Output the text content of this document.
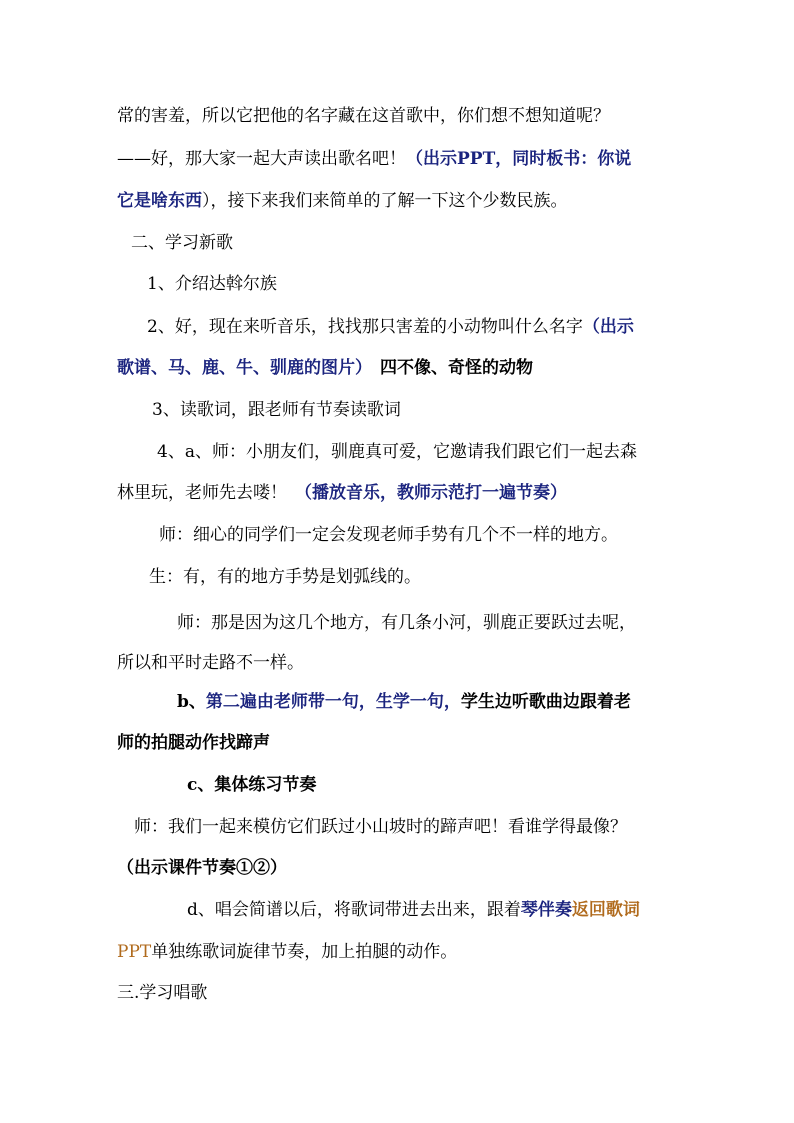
常的害羞，所以它把他的名字藏在这首歌中，你们想不想知道呢？
——好，那大家一起大声读出歌名吧！（出示PPT，同时板书：你说
它是啥东西），接下来我们来简单的了解一下这个少数民族。
二、学习新歌
1、介绍达斡尔族
2、好，现在来听音乐，找找那只害羞的小动物叫什么名字（出示
歌谱、马、鹿、牛、驯鹿的图片） 四不像、奇怪的动物
3、读歌词，跟老师有节奏读歌词
4、a、师：小朋友们，驯鹿真可爱，它邀请我们跟它们一起去森
林里玩，老师先去喽！ （播放音乐，教师示范打一遍节奏）
师：细心的同学们一定会发现老师手势有几个不一样的地方。
生：有，有的地方手势是划弧线的。
师：那是因为这几个地方，有几条小河，驯鹿正要跃过去呢，
所以和平时走路不一样。
b、第二遍由老师带一句，生学一句，学生边听歌曲边跟着老
师的拍腿动作找蹄声
c、集体练习节奏
师：我们一起来模仿它们跃过小山坡时的蹄声吧！看谁学得最像？
（出示课件节奏①②）
d、唱会简谱以后，将歌词带进去出来，跟着琴伴奏返回歌词
PPT单独练歌词旋律节奏，加上拍腿的动作。
三.学习唱歌
